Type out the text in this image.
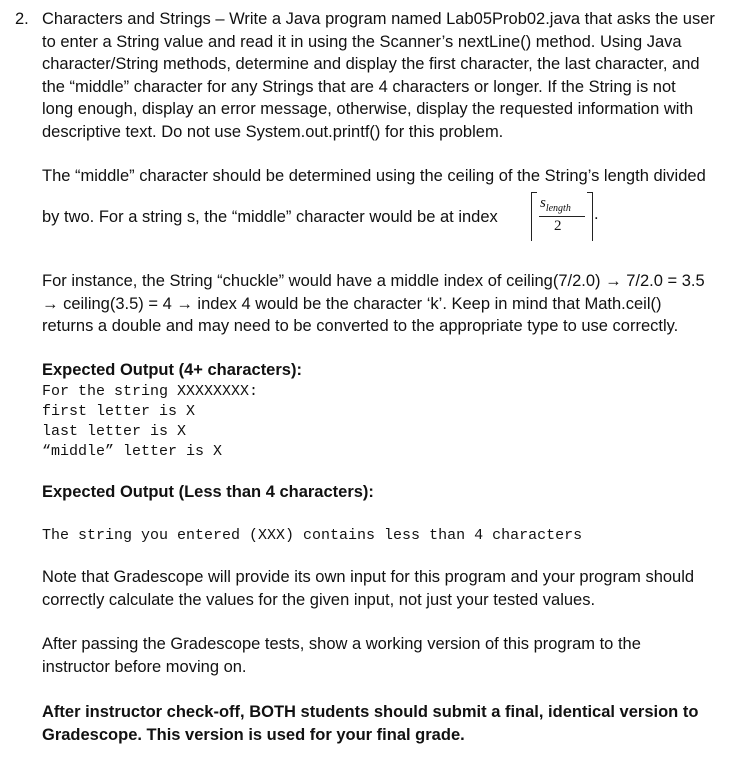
2. Characters and Strings – Write a Java program named Lab05Prob02.java that asks the user
to enter a String value and read it in using the Scanner’s nextLine() method. Using Java
character/String methods, determine and display the first character, the last character, and
the “middle” character for any Strings that are 4 characters or longer. If the String is not
long enough, display an error message, otherwise, display the requested information with
descriptive text. Do not use System.out.printf() for this problem.
The “middle” character should be determined using the ceiling of the String’s length divided
by two. For a string s, the “middle” character would be at index
$s_{length}$
2
.
For instance, the String “chuckle” would have a middle index of ceiling(7/2.0) → 7/2.0 = 3.5
→ ceiling(3.5) = 4 → index 4 would be the character ‘k’. Keep in mind that Math.ceil()
returns a double and may need to be converted to the appropriate type to use correctly.
Expected Output (4+ characters):
For the string XXXXXXXX:
first letter is X
last letter is X
“middle” letter is X
Expected Output (Less than 4 characters):
The string you entered (XXX) contains less than 4 characters
Note that Gradescope will provide its own input for this program and your program should
correctly calculate the values for the given input, not just your tested values.
After passing the Gradescope tests, show a working version of this program to the
instructor before moving on.
After instructor check-off, BOTH students should submit a final, identical version to
Gradescope. This version is used for your final grade.
